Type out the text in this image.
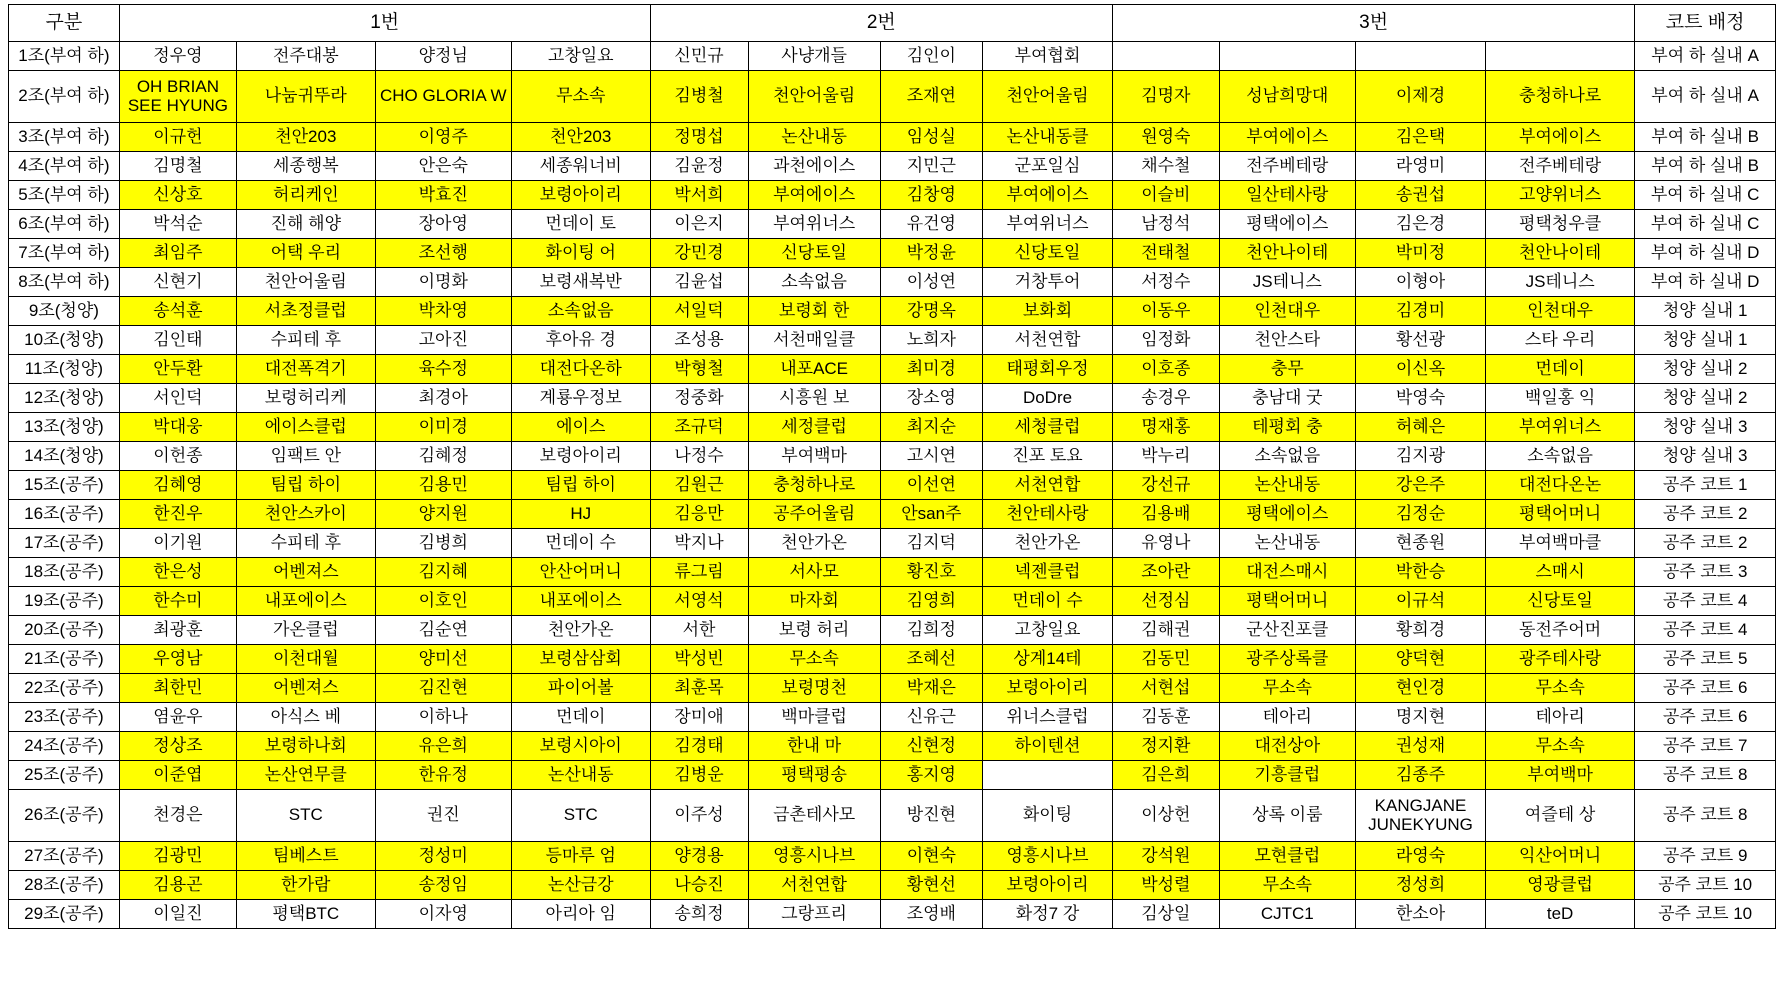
구분	1번				2번				3번				코트 배정
1조(부여 하)	정우영	전주대봉	양정님	고창일요	신민규	사냥개들	김인이	부여협회					부여 하 실내 A
2조(부여 하)	OH BRIAN SEE HYUNG	나눔귀뚜라	CHO GLORIA W	무소속	김병철	천안어울림	조재연	천안어울림	김명자	성남희망대	이제경	충청하나로	부여 하 실내 A
3조(부여 하)	이규헌	천안203	이영주	천안203	정명섭	논산내동	임성실	논산내동클	원영숙	부여에이스	김은택	부여에이스	부여 하 실내 B
4조(부여 하)	김명철	세종행복	안은숙	세종워너비	김윤정	과천에이스	지민근	군포일심	채수철	전주베테랑	라영미	전주베테랑	부여 하 실내 B
5조(부여 하)	신상호	허리케인	박효진	보령아이리	박서희	부여에이스	김창영	부여에이스	이슬비	일산테사랑	송권섭	고양위너스	부여 하 실내 C
6조(부여 하)	박석순	진해 해양	장아영	먼데이 토	이은지	부여위너스	유건영	부여위너스	남정석	평택에이스	김은경	평택청우클	부여 하 실내 C
7조(부여 하)	최임주	어택 우리	조선행	화이팅 어	강민경	신당토일	박정윤	신당토일	전태철	천안나이테	박미정	천안나이테	부여 하 실내 D
8조(부여 하)	신현기	천안어울림	이명화	보령새복반	김윤섭	소속없음	이성연	거창투어	서정수	JS테니스	이형아	JS테니스	부여 하 실내 D
9조(청양)	송석훈	서초정클럽	박차영	소속없음	서일덕	보령회 한	강명옥	보화회	이동우	인천대우	김경미	인천대우	청양 실내 1
10조(청양)	김인태	수피테 후	고아진	후아유 경	조성용	서천매일클	노희자	서천연합	임정화	천안스타	황선광	스타 우리	청양 실내 1
11조(청양)	안두환	대전폭격기	육수정	대전다온하	박형철	내포ACE	최미경	태평회우정	이호종	충무	이신옥	먼데이	청양 실내 2
12조(청양)	서인덕	보령허리케	최경아	계룡우정보	정중화	시흥원 보	장소영	DoDre	송경우	충남대 굿	박영숙	백일홍 익	청양 실내 2
13조(청양)	박대웅	에이스클럽	이미경	에이스	조규덕	세정클럽	최지순	세청클럽	명재홍	테평회 충	허혜은	부여위너스	청양 실내 3
14조(청양)	이헌종	임팩트 안	김혜정	보령아이리	나정수	부여백마	고시연	진포 토요	박누리	소속없음	김지광	소속없음	청양 실내 3
15조(공주)	김혜영	팀립 하이	김용민	팀립 하이	김원근	충청하나로	이선연	서천연합	강선규	논산내동	강은주	대전다온논	공주 코트 1
16조(공주)	한진우	천안스카이	양지원	HJ	김응만	공주어울림	안san주	천안테사랑	김용배	평택에이스	김정순	평택어머니	공주 코트 2
17조(공주)	이기원	수피테 후	김병희	먼데이 수	박지나	천안가온	김지덕	천안가온	유영나	논산내동	현종원	부여백마클	공주 코트 2
18조(공주)	한은성	어벤져스	김지혜	안산어머니	류그림	서사모	황진호	넥젠클럽	조아란	대전스매시	박한승	스매시	공주 코트 3
19조(공주)	한수미	내포에이스	이호인	내포에이스	서영석	마자회	김영희	먼데이 수	선정심	평택어머니	이규석	신당토일	공주 코트 4
20조(공주)	최광훈	가온클럽	김순연	천안가온	서한	보령 허리	김희정	고창일요	김해권	군산진포클	황희경	동전주어머	공주 코트 4
21조(공주)	우영남	이천대월	양미선	보령삼삼회	박성빈	무소속	조혜선	상계14테	김동민	광주상록클	양덕현	광주테사랑	공주 코트 5
22조(공주)	최한민	어벤져스	김진현	파이어볼	최훈목	보령명천	박재은	보령아이리	서현섭	무소속	현인경	무소속	공주 코트 6
23조(공주)	염윤우	아식스 베	이하나	먼데이	장미애	백마클럽	신유근	위너스클럽	김동훈	테아리	명지현	테아리	공주 코트 6
24조(공주)	정상조	보령하나회	유은희	보령시아이	김경태	한내 마	신현정	하이텐션	정지환	대전상아	권성재	무소속	공주 코트 7
25조(공주)	이준엽	논산연무클	한유정	논산내동	김병운	평택평송	홍지영		김은희	기흥클럽	김종주	부여백마	공주 코트 8
26조(공주)	천경은	STC	권진	STC	이주성	금촌테사모	방진현	화이팅	이상헌	상록 이룸	KANGJANE JUNEKYUNG	여즐테 상	공주 코트 8
27조(공주)	김광민	팀베스트	정성미	등마루 엄	양경용	영흥시나브	이현숙	영흥시나브	강석원	모현클럽	라영숙	익산어머니	공주 코트 9
28조(공주)	김용곤	한가람	송정임	논산금강	나승진	서천연합	황현선	보령아이리	박성렬	무소속	정성희	영광클럽	공주 코트 10
29조(공주)	이일진	평택BTC	이자영	아리아 임	송희정	그랑프리	조영배	화정7 강	김상일	CJTC1	한소아	teD	공주 코트 10
